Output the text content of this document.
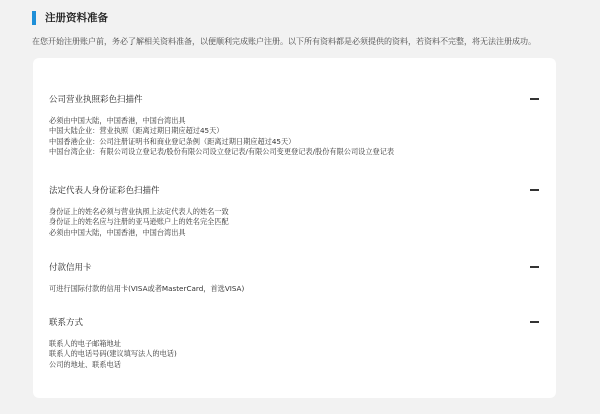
注册资料准备
在您开始注册账户前，务必了解相关资料准备，以便顺利完成账户注册。以下所有资料都是必须提供的资料，若资料不完整，将无法注册成功。
公司营业执照彩色扫描件

必须由中国大陆，中国香港，中国台湾出具

中国大陆企业：营业执照（距离过期日期应超过45天）

中国香港企业：公司注册证明书和商业登记条例（距离过期日期应超过45天）

中国台湾企业：有限公司设立登记表/股份有限公司设立登记表/有限公司变更登记表/股份有限公司设立登记表

法定代表人身份证彩色扫描件

身份证上的姓名必须与营业执照上法定代表人的姓名一致

身份证上的姓名应与注册的亚马逊账户上的姓名完全匹配

必须由中国大陆，中国香港，中国台湾出具

付款信用卡

可进行国际付款的信用卡(VISA或者MasterCard，首选VISA)

联系方式

联系人的电子邮箱地址

联系人的电话号码(建议填写法人的电话)

公司的地址、联系电话
